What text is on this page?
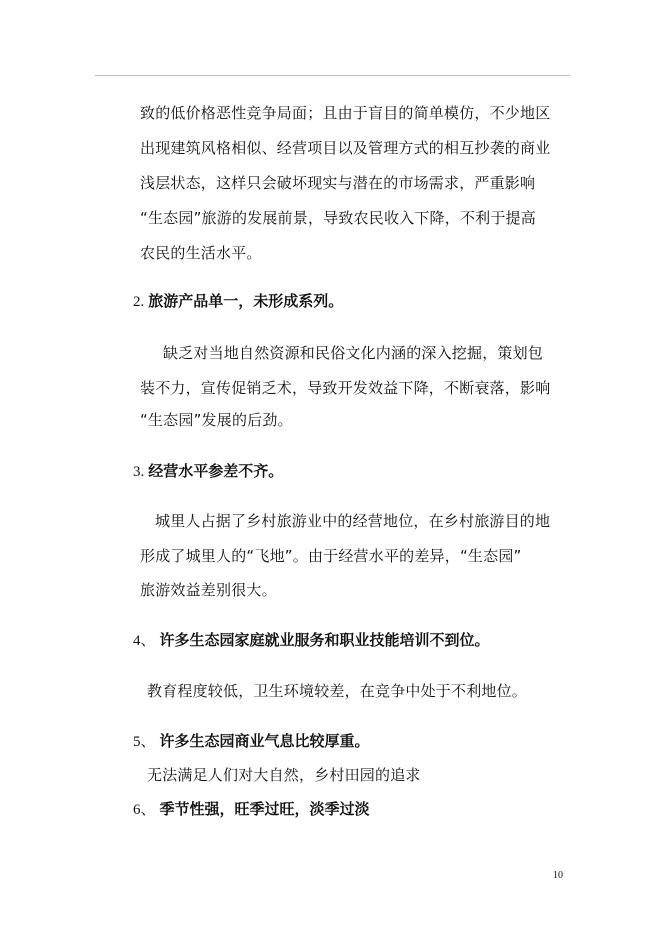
致的低价格恶性竞争局面；且由于盲目的简单模仿，不少地区
出现建筑风格相似、经营项目以及管理方式的相互抄袭的商业
浅层状态，这样只会破坏现实与潜在的市场需求，严重影响
“生态园”旅游的发展前景，导致农民收入下降，不利于提高
农民的生活水平。
2. 旅游产品单一，未形成系列。
缺乏对当地自然资源和民俗文化内涵的深入挖掘，策划包
装不力，宣传促销乏术，导致开发效益下降，不断衰落，影响
“生态园”发展的后劲。
3. 经营水平参差不齐。
城里人占据了乡村旅游业中的经营地位，在乡村旅游目的地
形成了城里人的“飞地”。由于经营水平的差异，“生态园”
旅游效益差别很大。
4、 许多生态园家庭就业服务和职业技能培训不到位。
教育程度较低，卫生环境较差，在竞争中处于不利地位。
5、 许多生态园商业气息比较厚重。
无法满足人们对大自然，乡村田园的追求
6、 季节性强，旺季过旺，淡季过淡
10
